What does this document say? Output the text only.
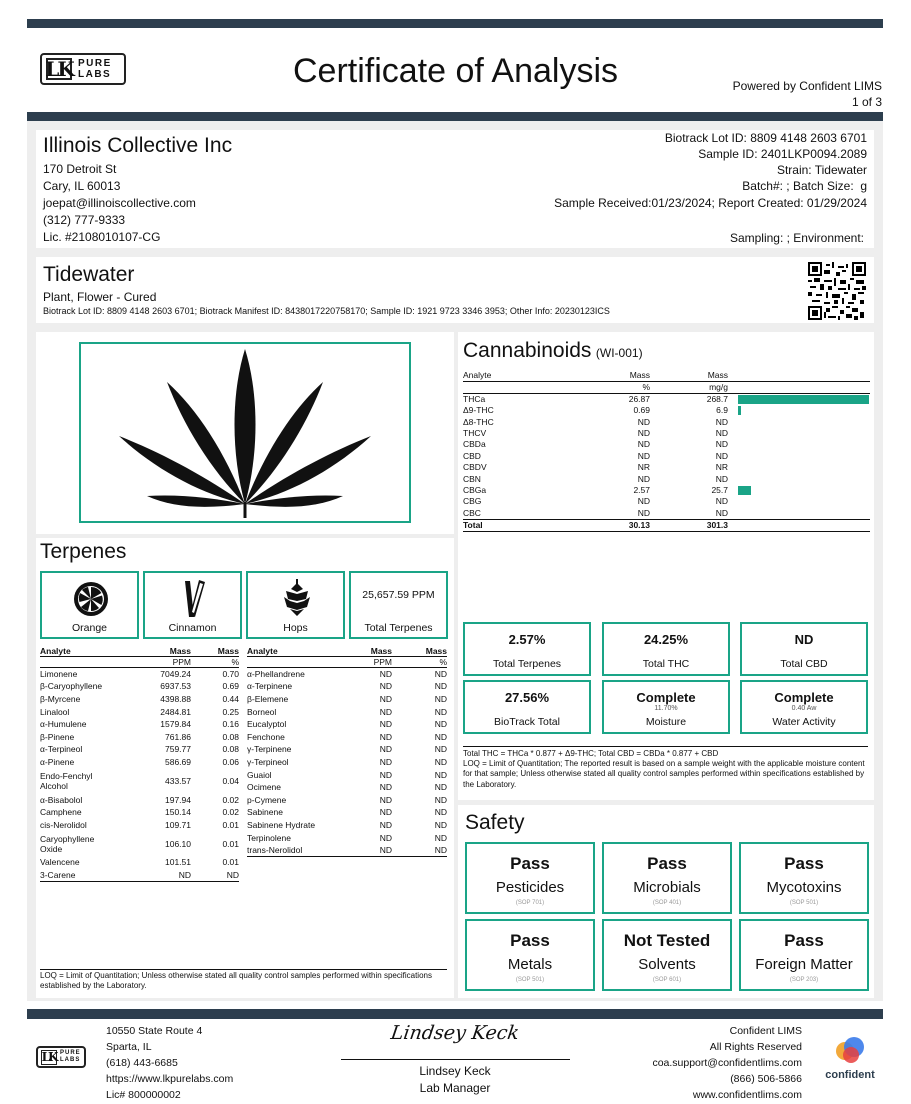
LK PURE
LABS	Certificate of Analysis	Powered by Confident LIMS
1 of 3
Illinois Collective Inc
170 Detroit St
Cary, IL 60013
joepat@illinoiscollective.com
(312) 777-9333
Lic. #2108010107-CG
Biotrack Lot ID: 8809 4148 2603 6701
Sample ID: 2401LKP0094.2089
Strain: Tidewater
Batch#: ; Batch Size:  g
Sample Received:01/23/2024; Report Created: 01/29/2024
Sampling: ; Environment:
Tidewater
Plant, Flower - Cured
Biotrack Lot ID: 8809 4148 2603 6701; Biotrack Manifest ID: 8438017220758170; Sample ID: 1921 9723 3346 3953; Other Info: 20230123ICS
Cannabinoids (WI-001)
Analyte	Mass	Mass	
	%	mg/g	
THCa	26.87	268.7	

Δ9-THC	0.69	6.9	

Δ8-THC	ND	ND	

THCV	ND	ND	

CBDa	ND	ND	

CBD	ND	ND	

CBDV	NR	NR	

CBN	ND	ND	

CBGa	2.57	25.7	

CBG	ND	ND	

CBC	ND	ND	

Total	30.13	301.3	
2.57%
Total Terpenes
24.25%
Total THC
ND
Total CBD
27.56%
BioTrack Total
Complete
11.70%
Moisture
Complete
0.40 Aw
Water Activity
Total THC = THCa * 0.877 + Δ9-THC; Total CBD = CBDa * 0.877 + CBD
LOQ = Limit of Quantitation; The reported result is based on a sample weight with the applicable moisture content for that sample; Unless otherwise stated all quality control samples performed within specifications established by the Laboratory.
Terpenes
Orange	Cinnamon	Hops
25,657.59 PPM
Total Terpenes
Analyte	Mass	Mass
	PPM	%
Limonene	7049.24	0.70
β-Caryophyllene	6937.53	0.69
β-Myrcene	4398.88	0.44
Linalool	2484.81	0.25
α-Humulene	1579.84	0.16
β-Pinene	761.86	0.08
α-Terpineol	759.77	0.08
α-Pinene	586.69	0.06
Endo-Fenchyl Alcohol	433.57	0.04
α-Bisabolol	197.94	0.02
Camphene	150.14	0.02
cis-Nerolidol	109.71	0.01
Caryophyllene Oxide	106.10	0.01
Valencene	101.51	0.01
3-Carene	ND	ND
Analyte	Mass	Mass
	PPM	%
α-Phellandrene	ND	ND
α-Terpinene	ND	ND
β-Elemene	ND	ND
Borneol	ND	ND
Eucalyptol	ND	ND
Fenchone	ND	ND
γ-Terpinene	ND	ND
γ-Terpineol	ND	ND
Guaiol	ND	ND
Ocimene	ND	ND
p-Cymene	ND	ND
Sabinene	ND	ND
Sabinene Hydrate	ND	ND
Terpinolene	ND	ND
trans-Nerolidol	ND	ND
LOQ = Limit of Quantitation; Unless otherwise stated all quality control samples performed within specifications established by the Laboratory.
Safety
Pass
Pesticides
(SOP 701)
Pass
Microbials
(SOP 401)
Pass
Mycotoxins
(SOP 501)
Pass
Metals
(SOP 501)
Not Tested
Solvents
(SOP 601)
Pass
Foreign Matter
(SOP 203)
LK PURE
LABS
10550 State Route 4
Sparta, IL
(618) 443-6685
https://www.lkpurelabs.com
Lic# 800000002
Lindsey Keck
Lindsey Keck
Lab Manager
Confident LIMS
All Rights Reserved
coa.support@confidentlims.com
(866) 506-5866
www.confidentlims.com
confident
